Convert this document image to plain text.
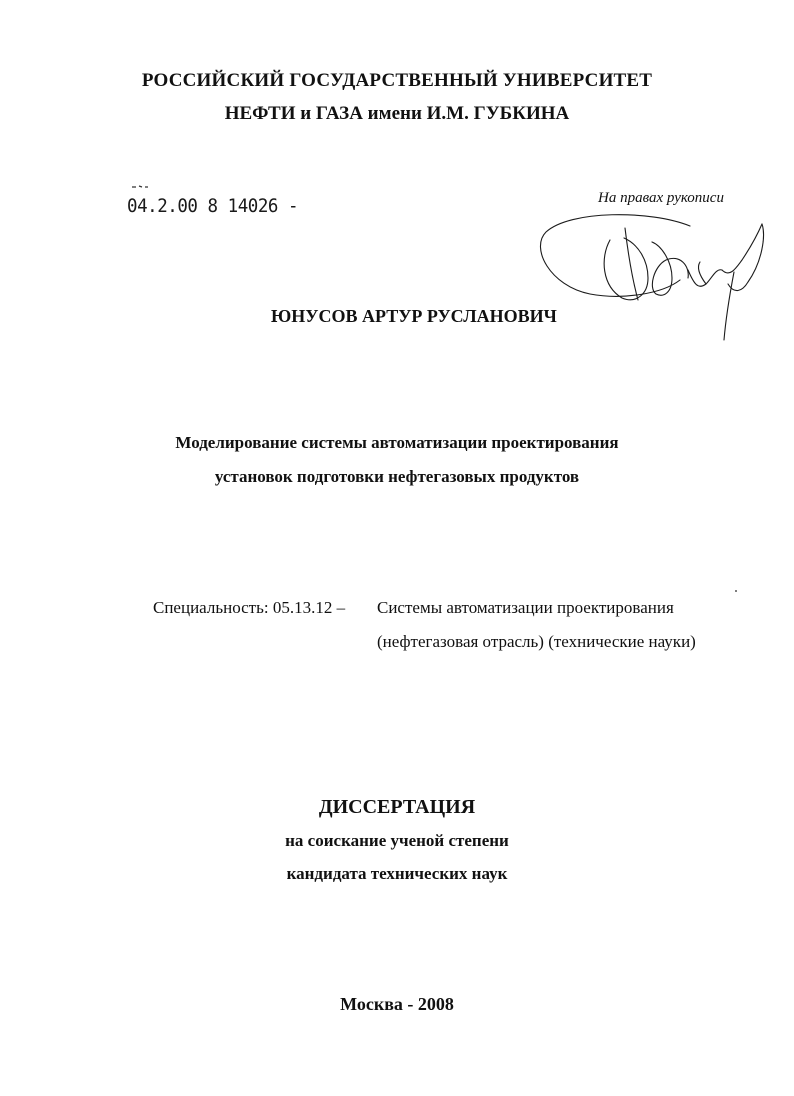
РОССИЙСКИЙ ГОСУДАРСТВЕННЫЙ УНИВЕРСИТЕТ
НЕФТИ и ГАЗА имени И.М. ГУБКИНА
04.2.00 8 14026 -	На правах рукописи
ЮНУСОВ АРТУР РУСЛАНОВИЧ
Моделирование системы автоматизации проектирования
установок подготовки нефтегазовых продуктов
Специальность: 05.13.12 – Системы автоматизации проектирования
(нефтегазовая отрасль) (технические науки)
ДИССЕРТАЦИЯ
на соискание ученой степени
кандидата технических наук
Москва - 2008
